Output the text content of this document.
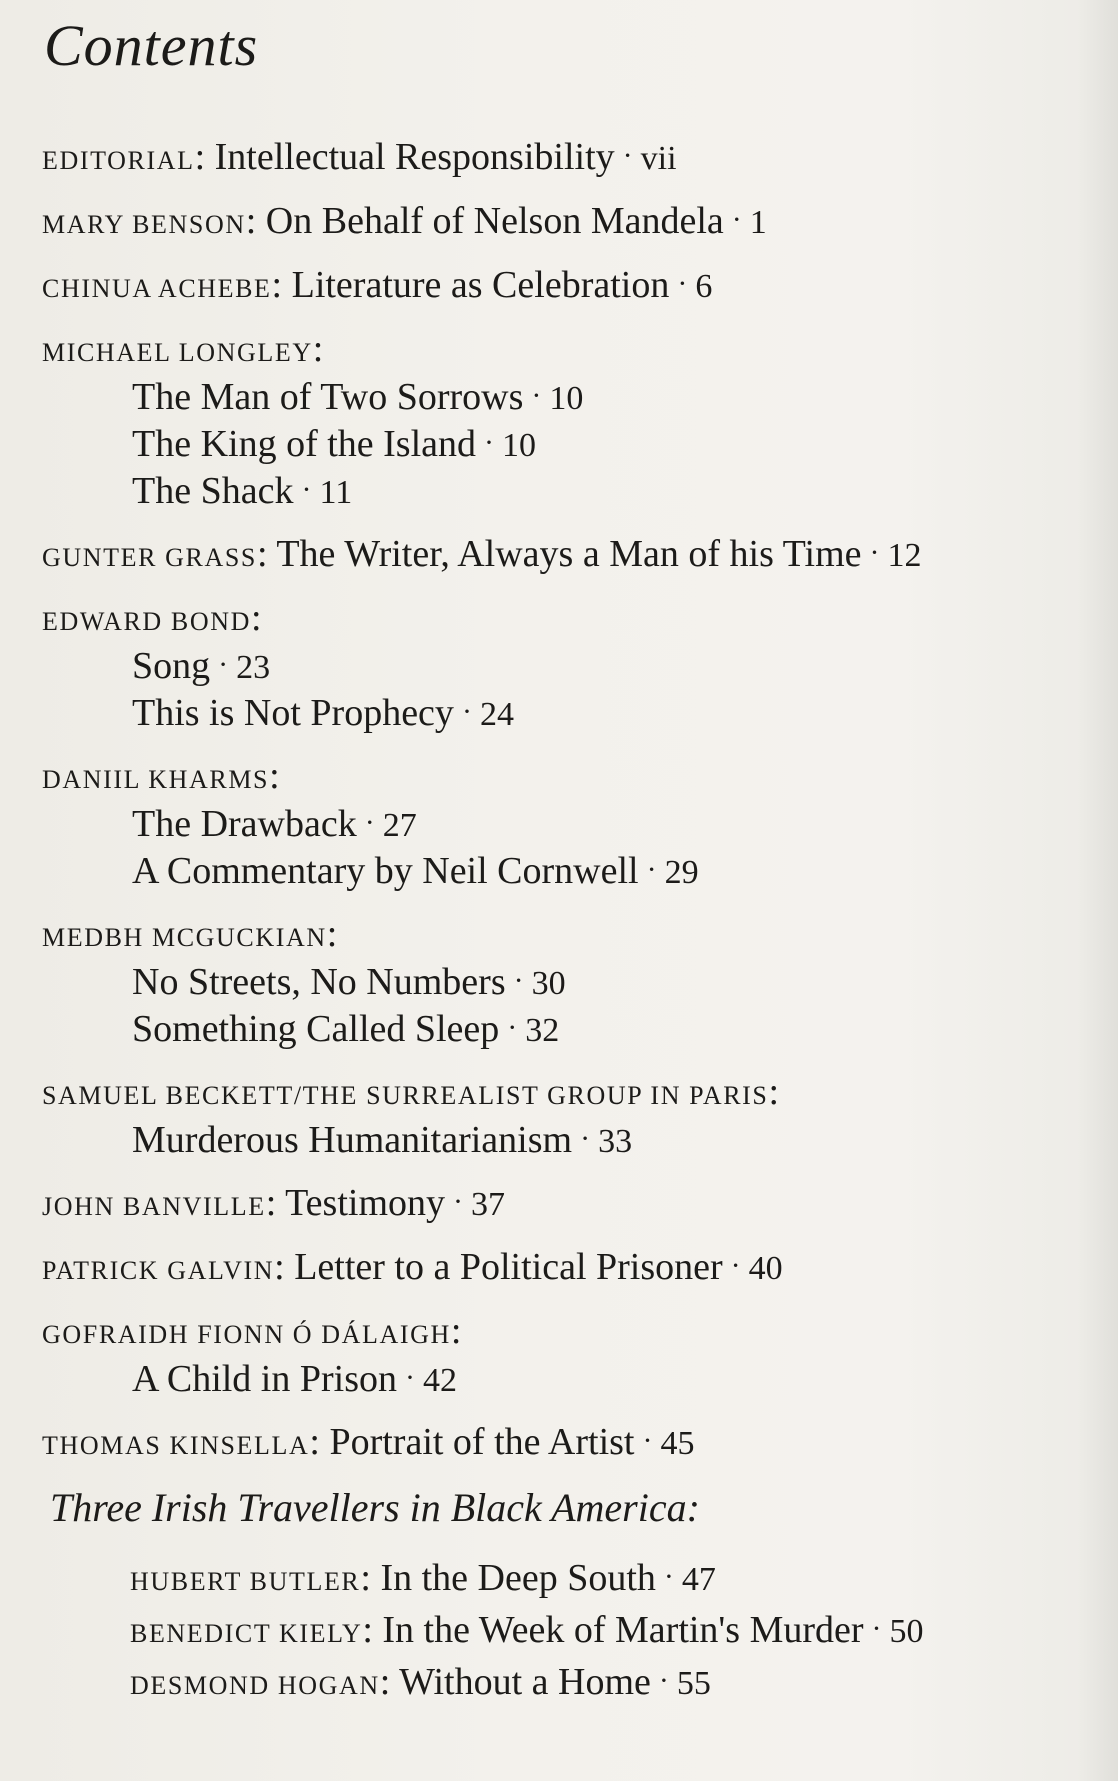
Contents
EDITORIAL: Intellectual Responsibility · vii
MARY BENSON: On Behalf of Nelson Mandela · 1
CHINUA ACHEBE: Literature as Celebration · 6
MICHAEL LONGLEY:
The Man of Two Sorrows · 10
The King of the Island · 10
The Shack · 11
GUNTER GRASS: The Writer, Always a Man of his Time · 12
EDWARD BOND:
Song · 23
This is Not Prophecy · 24
DANIIL KHARMS:
The Drawback · 27
A Commentary by Neil Cornwell · 29
MEDBH MCGUCKIAN:
No Streets, No Numbers · 30
Something Called Sleep · 32
SAMUEL BECKETT/THE SURREALIST GROUP IN PARIS:
Murderous Humanitarianism · 33
JOHN BANVILLE: Testimony · 37
PATRICK GALVIN: Letter to a Political Prisoner · 40
GOFRAIDH FIONN Ó DÁLAIGH:
A Child in Prison · 42
THOMAS KINSELLA: Portrait of the Artist · 45
Three Irish Travellers in Black America:
HUBERT BUTLER: In the Deep South · 47
BENEDICT KIELY: In the Week of Martin's Murder · 50
DESMOND HOGAN: Without a Home · 55
